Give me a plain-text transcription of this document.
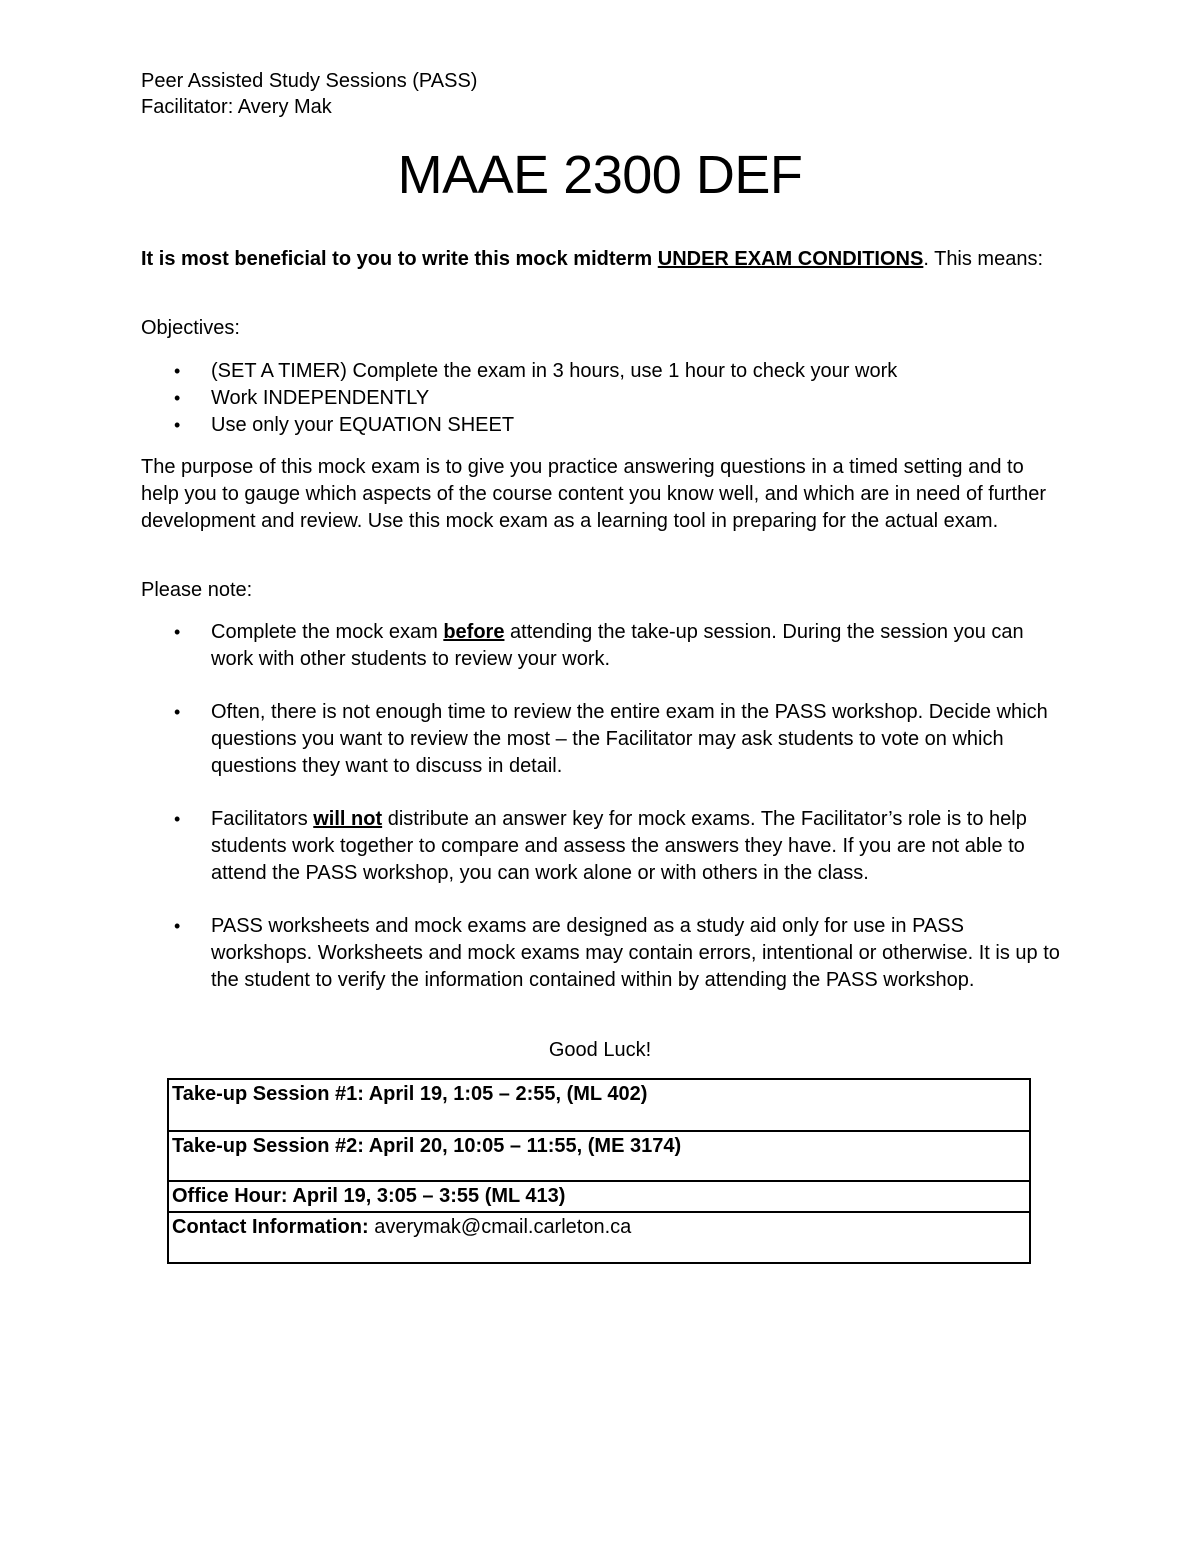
Peer Assisted Study Sessions (PASS)
Facilitator: Avery Mak
MAAE 2300 DEF

It is most beneficial to you to write this mock midterm UNDER EXAM CONDITIONS. This means:

Objectives:

• (SET A TIMER) Complete the exam in 3 hours, use 1 hour to check your work
• Work INDEPENDENTLY
• Use only your EQUATION SHEET

The purpose of this mock exam is to give you practice answering questions in a timed setting and to help you to gauge which aspects of the course content you know well, and which are in need of further development and review. Use this mock exam as a learning tool in preparing for the actual exam.

Please note:

• Complete the mock exam before attending the take-up session. During the session you can work with other students to review your work.
• Often, there is not enough time to review the entire exam in the PASS workshop. Decide which questions you want to review the most – the Facilitator may ask students to vote on which questions they want to discuss in detail.
• Facilitators will not distribute an answer key for mock exams. The Facilitator’s role is to help students work together to compare and assess the answers they have. If you are not able to attend the PASS workshop, you can work alone or with others in the class.
• PASS worksheets and mock exams are designed as a study aid only for use in PASS workshops. Worksheets and mock exams may contain errors, intentional or otherwise. It is up to the student to verify the information contained within by attending the PASS workshop.
Good Luck!
Take-up Session #1: April 19, 1:05 – 2:55, (ML 402)
Take-up Session #2: April 20, 10:05 – 11:55, (ME 3174)
Office Hour: April 19, 3:05 – 3:55 (ML 413)
Contact Information: averymak@cmail.carleton.ca
